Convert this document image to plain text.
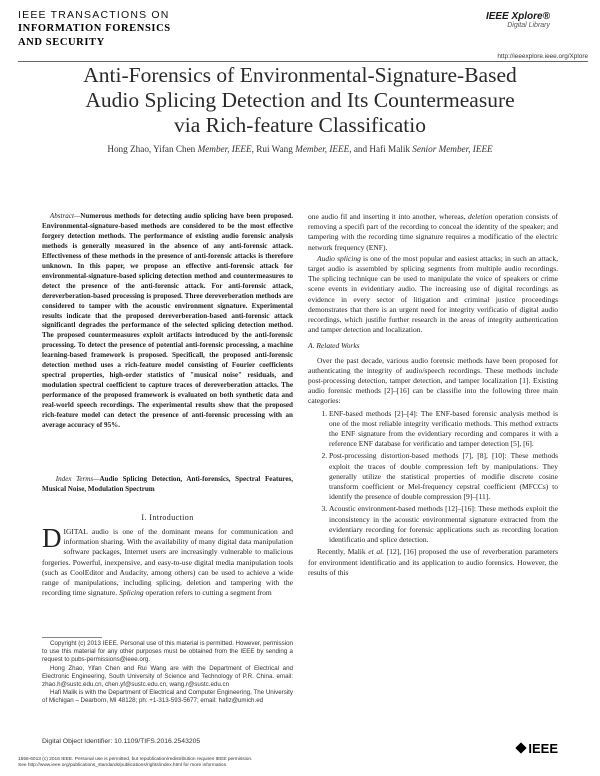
IEEE TRANSACTIONS ON
INFORMATION FORENSICS
AND SECURITY
IEEE Xplore®
Digital Library
http://ieeexplore.ieee.org/Xplore
Anti-Forensics of Environmental-Signature-Based
Audio Splicing Detection and Its Countermeasure
via Rich-feature Classificatio
Hong Zhao, Yifan Chen Member, IEEE, Rui Wang Member, IEEE, and Hafi Malik Senior Member, IEEE
Abstract—Numerous methods for detecting audio splicing have been proposed. Environmental-signature-based methods are considered to be the most effective forgery detection methods. The performance of existing audio forensic analysis methods is generally measured in the absence of any anti-forensic attack. Effectiveness of these methods in the presence of anti-forensic attacks is therefore unknown. In this paper, we propose an effective anti-forensic attack for environmental-signature-based splicing detection method and countermeasures to detect the presence of the anti-forensic attack. For anti-forensic attack, dereverberation-based processing is proposed. Three dereverberation methods are considered to tamper with the acoustic environment signature. Experimental results indicate that the proposed dereverberation-based anti-forensic attack significantl degrades the performance of the selected splicing detection method. The proposed countermeasures exploit artifacts introduced by the anti-forensic processing. To detect the presence of potential anti-forensic processing, a machine learning-based framework is proposed. Specificall, the proposed anti-forensic detection method uses a rich-feature model consisting of Fourier coefficients spectral properties, high-order statistics of "musical noise" residuals, and modulation spectral coefficient to capture traces of dereverberation attacks. The performance of the proposed framework is evaluated on both synthetic data and real-world speech recordings. The experimental results show that the proposed rich-feature model can detect the presence of anti-forensic processing with an average accuracy of 95%.
Index Terms—Audio Splicing Detection, Anti-forensics, Spectral Features, Musical Noise, Modulation Spectrum
I. Introduction
DIGITAL audio is one of the dominant means for communication and information sharing. With the availability of many digital data manipulation software packages, Internet users are increasingly vulnerable to malicious forgeries. Powerful, inexpensive, and easy-to-use digital media manipulation tools (such as CoolEditor and Audacity, among others) can be used to achieve a wide range of manipulations, including splicing, deletion and tampering with the recording time signature. Splicing operation refers to cutting a segment from
Copyright (c) 2013 IEEE. Personal use of this material is permitted. However, permission to use this material for any other purposes must be obtained from the IEEE by sending a request to pubs-permissions@ieee.org.
Hong Zhao, Yifan Chen and Rui Wang are with the Department of Electrical and Electronic Engineering, South University of Science and Technology of P.R. China. email: zhao.h@sustc.edu.cn, chen.yf@sustc.edu.cn, wang.r@sustc.edu.cn
Hafi Malik is with the Department of Electrical and Computer Engineering, The University of Michigan – Dearborn, MI 48128; ph: +1-313-593-5677; email: hafiz@umich.ed
Digital Object Identifier: 10.1109/TIFS.2016.2543205

one audio fil and inserting it into another, whereas, deletion operation consists of removing a specifi part of the recording to conceal the identity of the speaker; and tampering with the recording time signature requires a modificatio of the electric network frequency (ENF).

Audio splicing is one of the most popular and easiest attacks; in such an attack, target audio is assembled by splicing segments from multiple audio recordings. The splicing technique can be used to manipulate the voice of speakers or crime scene events in evidentiary audio. The increasing use of digital recordings as evidence in every sector of litigation and criminal justice proceedings demonstrates that there is an urgent need for integrity verificatio of digital audio recordings, which justifie further research in the areas of integrity authentication and tamper detection and localization.

A. Related Works

Over the past decade, various audio forensic methods have been proposed for authenticating the integrity of audio/speech recordings. These methods include post-processing detection, tamper detection, and tamper localization [1]. Existing audio forensic methods [2]–[16] can be classifie into the following three main categories:

1. ENF-based methods [2]–[4]: The ENF-based forensic analysis method is one of the most reliable integrity verificatio methods. This method extracts the ENF signature from the evidentiary recording and compares it with a reference ENF database for verificatio and tamper detection [5], [6].
2. Post-processing distortion-based methods [7], [8], [10]: These methods exploit the traces of double compression left by manipulations. They generally utilize the statistical properties of modifie discrete cosine transform coefficient or Mel-frequency cepstral coefficient (MFCCs) to identify the presence of double compression [9]–[11].
3. Acoustic environment-based methods [12]–[16]: These methods exploit the inconsistency in the acoustic environmental signature extracted from the evidentiary recording for forensic applications such as recording location identificatio and splice detection.

Recently, Malik et al. [12], [16] proposed the use of reverberation parameters for environment identificatio and its application to audio forensics. However, the results of this

IEEE
1556-6013 (c) 2016 IEEE. Personal use is permitted, but republication/redistribution requires IEEE permission.
See http://www.ieee.org/publications_standards/publications/rights/index.html for more information.
